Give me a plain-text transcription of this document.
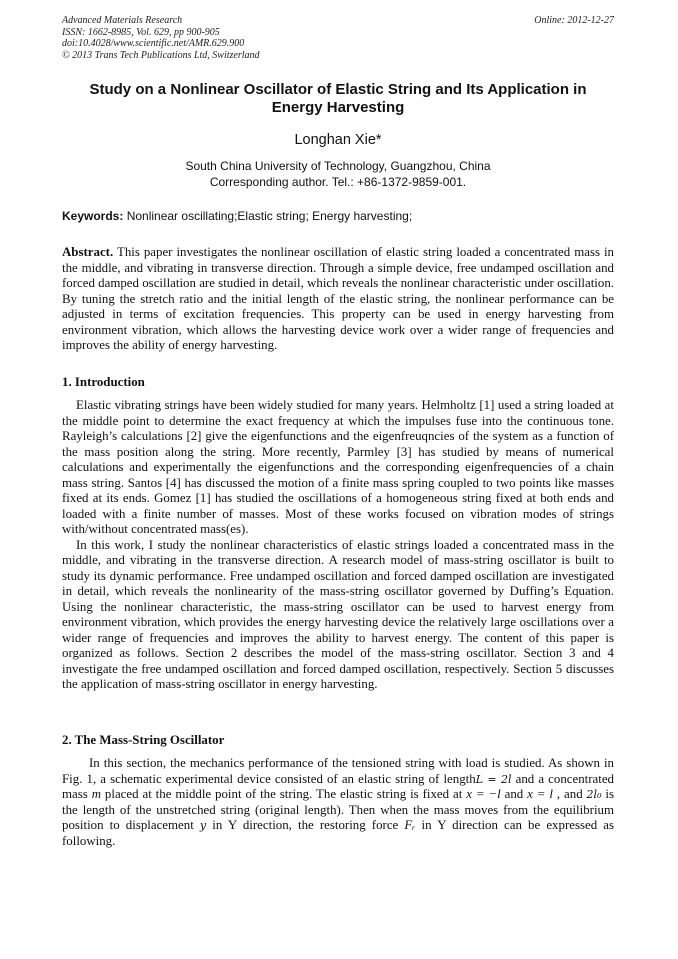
Advanced Materials Research
ISSN: 1662-8985, Vol. 629, pp 900-905
doi:10.4028/www.scientific.net/AMR.629.900
© 2013 Trans Tech Publications Ltd, Switzerland
Online: 2012-12-27
Study on a Nonlinear Oscillator of Elastic String and Its Application in Energy Harvesting
Longhan Xie*
South China University of Technology, Guangzhou, China
Corresponding author. Tel.: +86-1372-9859-001.
Keywords: Nonlinear oscillating;Elastic string; Energy harvesting;
Abstract. This paper investigates the nonlinear oscillation of elastic string loaded a concentrated mass in the middle, and vibrating in transverse direction. Through a simple device, free undamped oscillation and forced damped oscillation are studied in detail, which reveals the nonlinear characteristic under oscillation. By tuning the stretch ratio and the initial length of the elastic string, the nonlinear performance can be adjusted in terms of excitation frequencies. This property can be used in energy harvesting from environment vibration, which allows the harvesting device work over a wider range of frequencies and improves the ability of energy harvesting.
1. Introduction

Elastic vibrating strings have been widely studied for many years. Helmholtz [1] used a string loaded at the middle point to determine the exact frequency at which the impulses fuse into the continuous tone. Rayleigh’s calculations [2] give the eigenfunctions and the eigenfreuqncies of the system as a function of the mass position along the string. More recently, Parmley [3] has studied by means of numerical calculations and experimentally the eigenfunctions and the corresponding eigenfrequencies of a chain mass string. Santos [4] has discussed the motion of a finite mass spring coupled to two points like masses fixed at its ends. Gomez [1] has studied the oscillations of a homogeneous string fixed at both ends and loaded with a finite number of masses. Most of these works focused on vibration modes of strings with/without concentrated mass(es).

In this work, I study the nonlinear characteristics of elastic strings loaded a concentrated mass in the middle, and vibrating in the transverse direction. A research model of mass-string oscillator is built to study its dynamic performance. Free undamped oscillation and forced damped oscillation are investigated in detail, which reveals the nonlinearity of the mass-string oscillator governed by Duffing’s Equation. Using the nonlinear characteristic, the mass-string oscillator can be used to harvest energy from environment vibration, which provides the energy harvesting device the relatively large oscillations over a wider range of frequencies and improves the ability to harvest energy. The content of this paper is organized as follows. Section 2 describes the model of the mass-string oscillator. Section 3 and 4 investigate the free undamped oscillation and forced damped oscillation, respectively. Section 5 discusses the application of mass-string oscillator in energy harvesting.

2. The Mass-String Oscillator

In this section, the mechanics performance of the tensioned string with load is studied. As shown in Fig. 1, a schematic experimental device consisted of an elastic string of lengthL = 2l and a concentrated mass m placed at the middle point of the string. The elastic string is fixed at x = −l and x = l , and 2l₀ is the length of the unstretched string (original length). Then when the mass moves from the equilibrium position to displacement y in Y direction, the restoring force Fᵣ in Y direction can be expressed as following.
